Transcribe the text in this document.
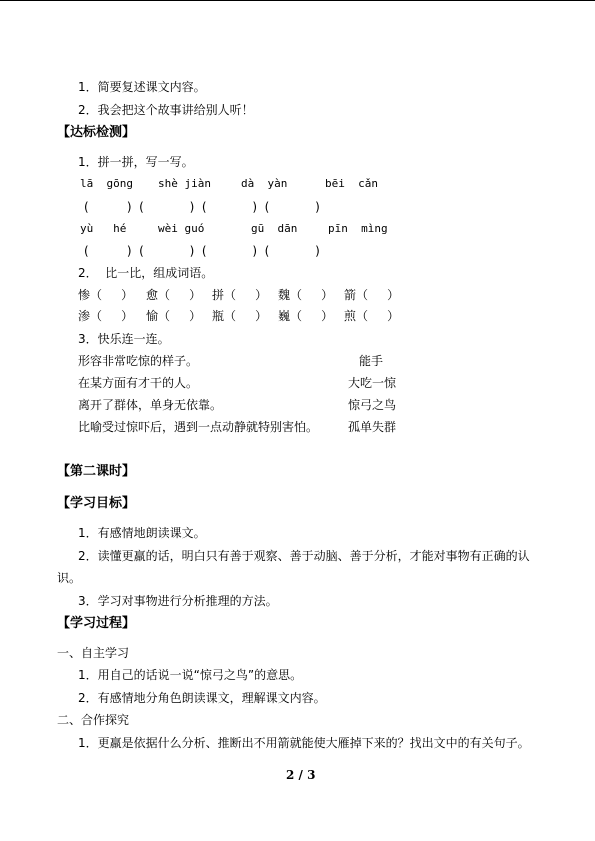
1．简要复述课文内容。
2．我会把这个故事讲给别人听！
【达标检测】
1．拼一拼，写一写。
lā  gōng shè jiàn	dà  yàn	bēi  cǎn
(          )  (            )  (            )  (            )
yù   hé	wèi guó	gū  dān	pīn  mìng
(          )  (            )  (            )  (            )
2．  比一比，组成词语。
惨（     ） 愈（     ） 拼（     ） 魏（     ） 箭（     ）
渗（     ） 愉（     ） 瓶（     ） 巍（     ） 煎（     ）
3．快乐连一连。
形容非常吃惊的样子。
在某方面有才干的人。
离开了群体，单身无依靠。
比喻受过惊吓后，遇到一点动静就特别害怕。
能手
大吃一惊
惊弓之鸟
孤单失群
【第二课时】
【学习目标】
1．有感情地朗读课文。
2．读懂更羸的话，明白只有善于观察、善于动脑、善于分析，才能对事物有正确的认
识。
3．学习对事物进行分析推理的方法。
【学习过程】
一、自主学习
1．用自己的话说一说“惊弓之鸟”的意思。
2．有感情地分角色朗读课文，理解课文内容。
二、合作探究
1．更羸是依据什么分析、推断出不用箭就能使大雁掉下来的？找出文中的有关句子。
2 / 3
